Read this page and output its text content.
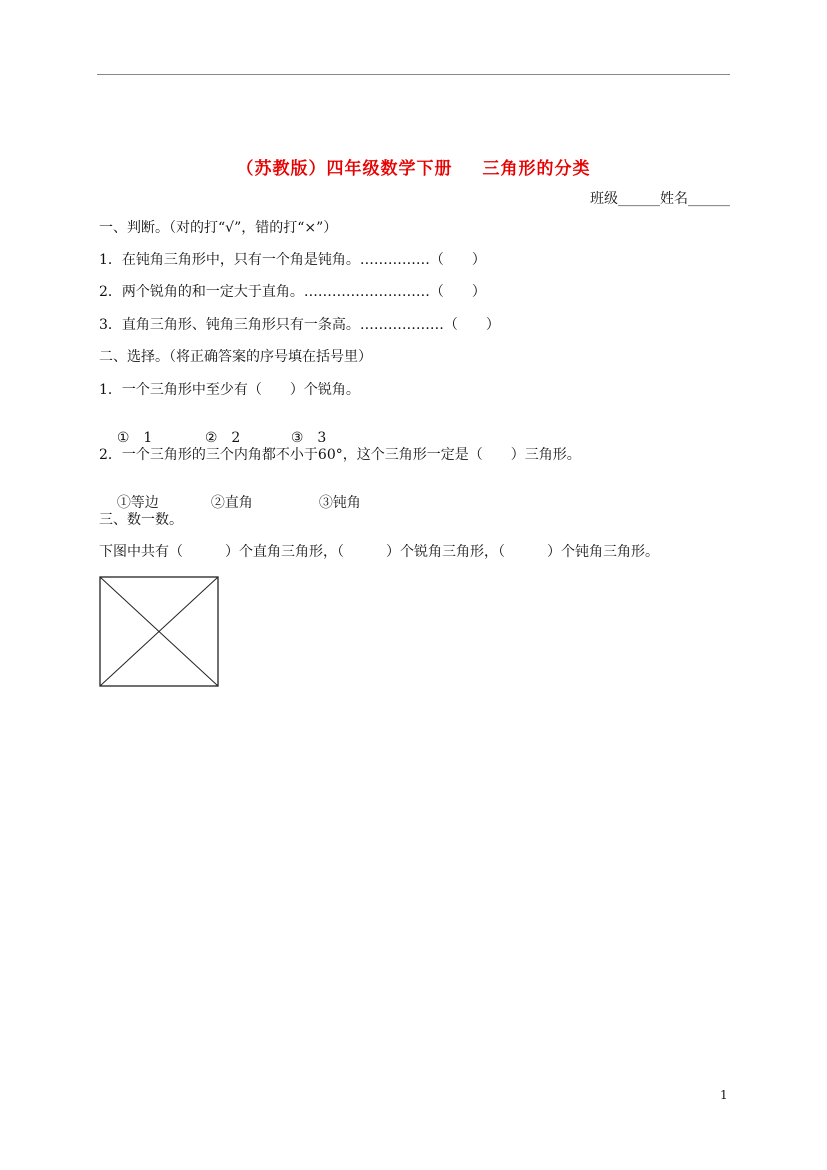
（苏教版）四年级数学下册 三角形的分类
班级______姓名______
一、判断。（对的打“√”，错的打“×”）
1．在钝角三角形中，只有一个角是钝角。……………（　　）
2．两个锐角的和一定大于直角。………………………（　　）
3．直角三角形、钝角三角形只有一条高。………………（　　）
二、选择。（将正确答案的序号填在括号里）
1．一个三角形中至少有（　　）个锐角。

①　1	②　2	③　3

2．一个三角形的三个内角都不小于60°，这个三角形一定是（　　）三角形。

①等边	②直角	③钝角

三、数一数。
下图中共有（　　　）个直角三角形，（　　　）个锐角三角形，（　　　）个钝角三角形。
1
